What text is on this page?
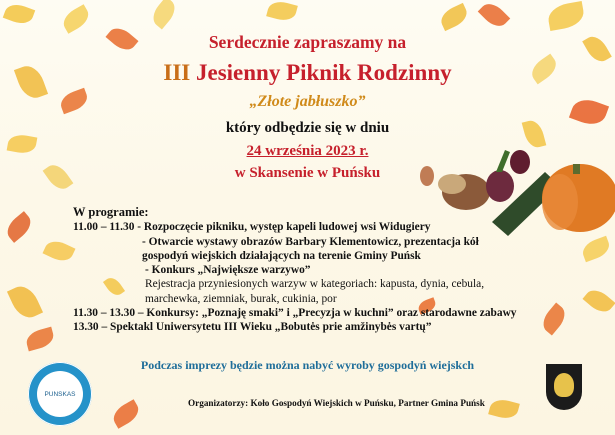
Serdecznie zapraszamy na

III Jesienny Piknik Rodzinny

„Złote jabłuszko”

który odbędzie się w dniu

24 września 2023 r.

w Skansenie w Puńsku

W programie:
11.00 – 11.30 - Rozpoczęcie pikniku, występ kapeli ludowej wsi Widugiery
- Otwarcie wystawy obrazów Barbary Klementowicz, prezentacja kół
gospodyń wiejskich działających na terenie Gminy Puńsk
- Konkurs „Największe warzywo”
Rejestracja przyniesionych warzyw w kategoriach: kapusta, dynia, cebula,
marchewka, ziemniak, burak, cukinia, por
11.30 – 13.30 – Konkursy: „Poznaję smaki” i „Precyzja w kuchni” oraz starodawne zabawy
13.30 – Spektakl Uniwersytetu III Wieku „Bobutės prie amžinybės vartų”

Podczas imprezy będzie można nabyć wyroby gospodyń wiejskch

Organizatorzy: Koło Gospodyń Wiejskich w Puńsku, Partner Gmina Puńsk

PUNSKAS
